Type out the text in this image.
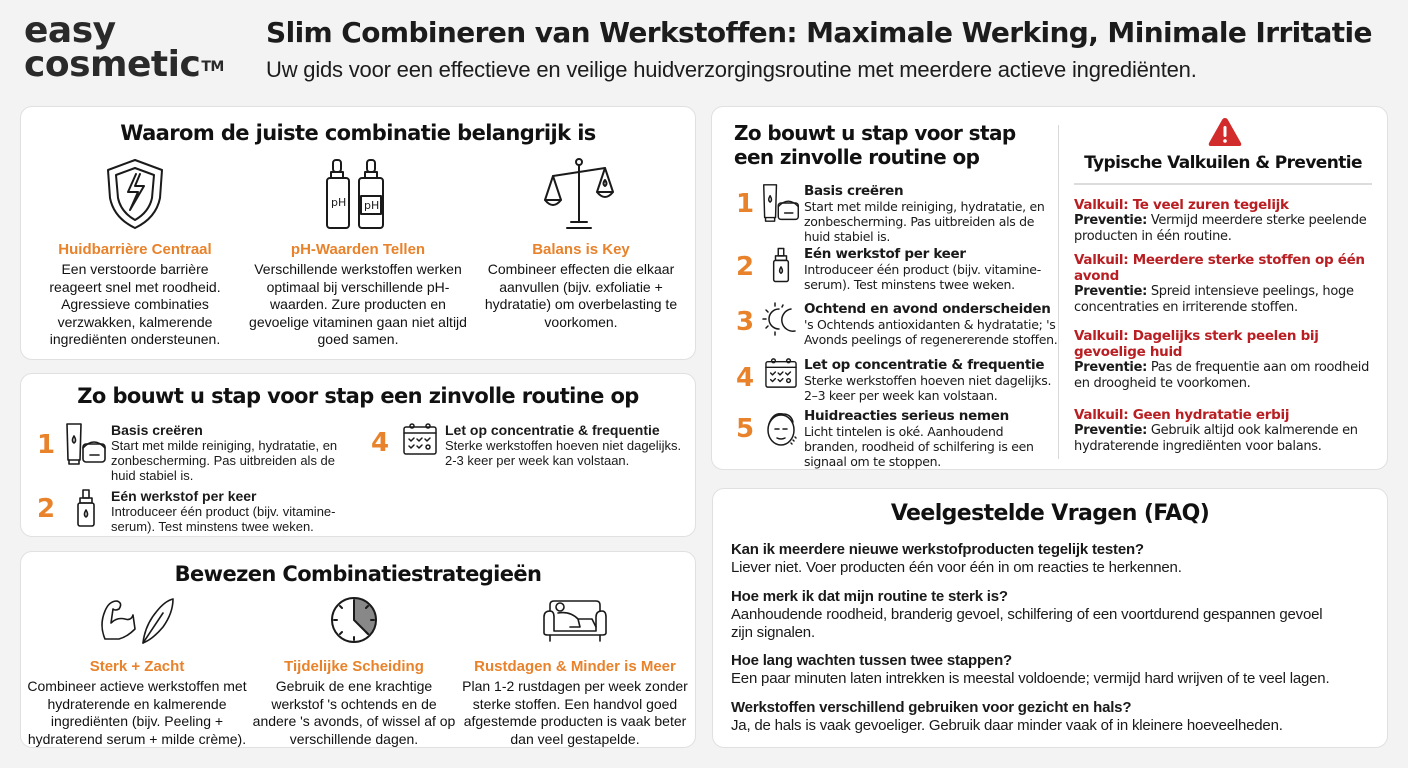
easy
cosmetic™
Slim Combineren van Werkstoffen: Maximale Werking, Minimale Irritatie
Uw gids voor een effectieve en veilige huidverzorgingsroutine met meerdere actieve ingrediënten.
Waarom de juiste combinatie belangrijk is
Huidbarrière Centraal
Een verstoorde barrière reageert snel met roodheid. Agressieve combinaties verzwakken, kalmerende ingrediënten ondersteunen.
pH pH
pH-Waarden Tellen
Verschillende werkstoffen werken optimaal bij verschillende pH-waarden. Zure producten en gevoelige vitaminen gaan niet altijd goed samen.
Balans is Key
Combineer effecten die elkaar aanvullen (bijv. exfoliatie + hydratatie) om overbelasting te voorkomen.
Zo bouwt u stap voor stap een zinvolle routine op
1	Basis creëren
Start met milde reiniging, hydratatie, en zonbescherming. Pas uitbreiden als de huid stabiel is.
2	Eén werkstof per keer
Introduceer één product (bijv. vitamine-serum). Test minstens twee weken.
4	Let op concentratie & frequentie
Sterke werkstoffen hoeven niet dagelijks. 2-3 keer per week kan volstaan.
Bewezen Combinatiestrategieën
Sterk + Zacht
Combineer actieve werkstoffen met hydraterende en kalmerende ingrediënten (bijv. Peeling + hydraterend serum + milde crème).
Tijdelijke Scheiding
Gebruik de ene krachtige werkstof 's ochtends en de andere 's avonds, of wissel af op verschillende dagen.
Rustdagen & Minder is Meer
Plan 1-2 rustdagen per week zonder sterke stoffen. Een handvol goed afgestemde producten is vaak beter dan veel gestapelde.
Zo bouwt u stap voor stap een zinvolle routine op
1	Basis creëren
Start met milde reiniging, hydratatie, en zonbescherming. Pas uitbreiden als de huid stabiel is.
2	Eén werkstof per keer
Introduceer één product (bijv. vitamine-serum). Test minstens twee weken.
3	Ochtend en avond onderscheiden
's Ochtends antioxidanten & hydratatie; 's Avonds peelings of regenererende stoffen.
4	Let op concentratie & frequentie
Sterke werkstoffen hoeven niet dagelijks. 2–3 keer per week kan volstaan.
5	Huidreacties serieus nemen
Licht tintelen is oké. Aanhoudend branden, roodheid of schilfering is een signaal om te stoppen.
Typische Valkuilen & Preventie
Valkuil: Te veel zuren tegelijk
Preventie: Vermijd meerdere sterke peelende producten in één routine.
Valkuil: Meerdere sterke stoffen op één avond
Preventie: Spreid intensieve peelings, hoge concentraties en irriterende stoffen.
Valkuil: Dagelijks sterk peelen bij gevoelige huid
Preventie: Pas de frequentie aan om roodheid en droogheid te voorkomen.
Valkuil: Geen hydratatie erbij
Preventie: Gebruik altijd ook kalmerende en hydraterende ingrediënten voor balans.
Veelgestelde Vragen (FAQ)
Kan ik meerdere nieuwe werkstofproducten tegelijk testen?
Liever niet. Voer producten één voor één in om reacties te herkennen.
Hoe merk ik dat mijn routine te sterk is?
Aanhoudende roodheid, branderig gevoel, schilfering of een voortdurend gespannen gevoel zijn signalen.
Hoe lang wachten tussen twee stappen?
Een paar minuten laten intrekken is meestal voldoende; vermijd hard wrijven of te veel lagen.
Werkstoffen verschillend gebruiken voor gezicht en hals?
Ja, de hals is vaak gevoeliger. Gebruik daar minder vaak of in kleinere hoeveelheden.
